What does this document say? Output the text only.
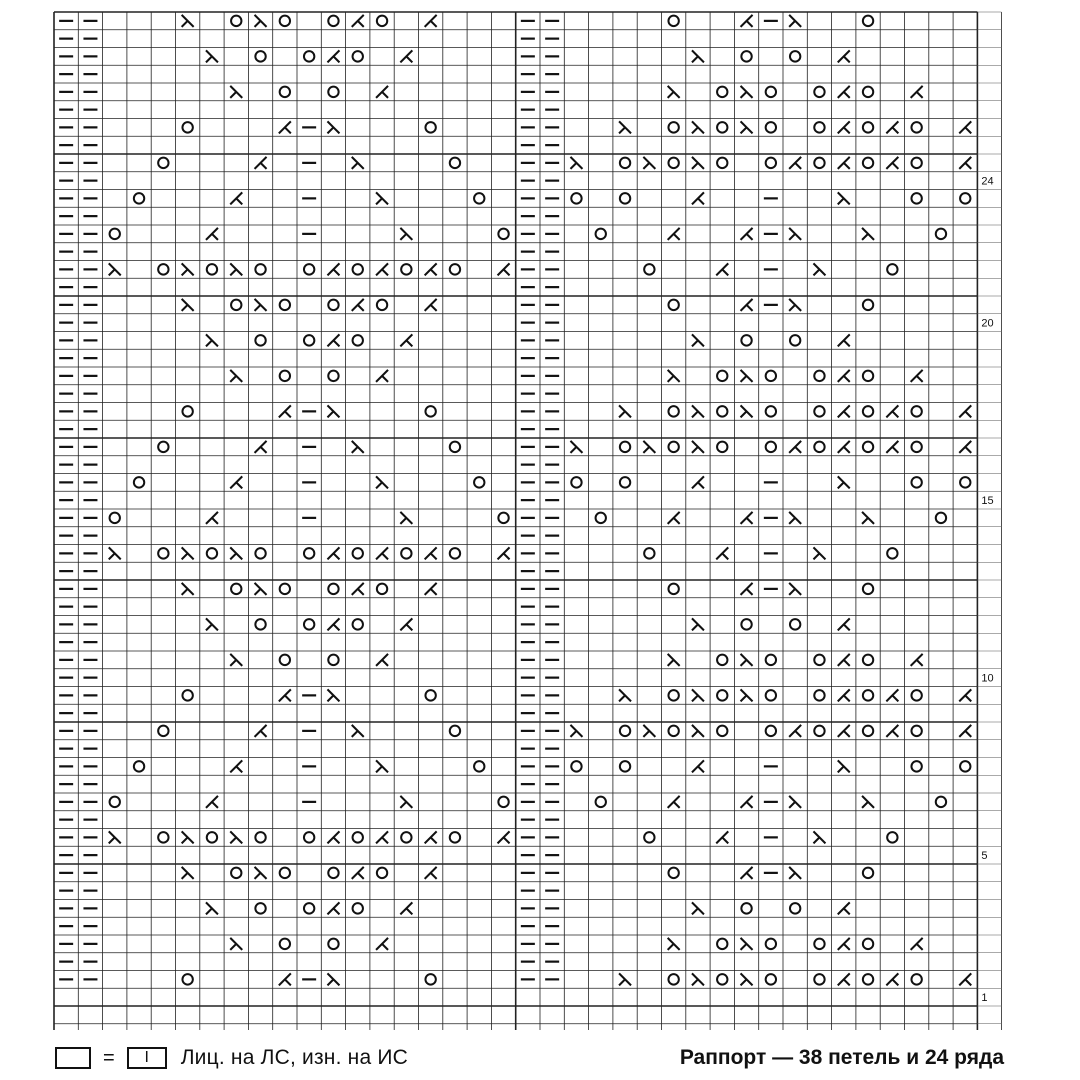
1
5
10
15
20
24
= I Лиц. на ЛС, изн. на ИС	Раппорт — 38 петель и 24 ряда
